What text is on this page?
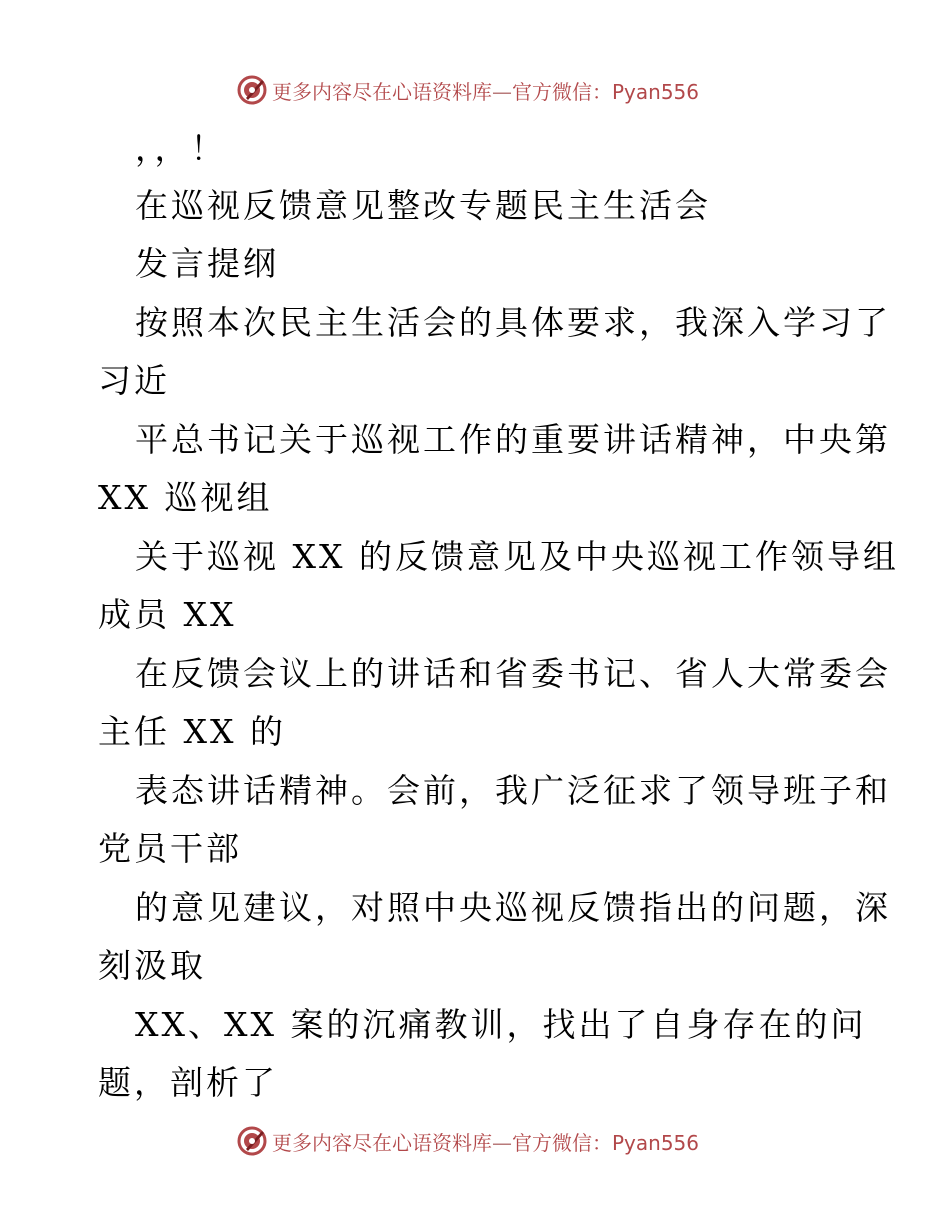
更多内容尽在心语资料库—官方微信：Pyan556
，，！
在巡视反馈意见整改专题民主生活会
发言提纲
按照本次民主生活会的具体要求，我深入学习了
习近
平总书记关于巡视工作的重要讲话精神，中央第
XX 巡视组
关于巡视 XX 的反馈意见及中央巡视工作领导组
成员 XX
在反馈会议上的讲话和省委书记、省人大常委会
主任 XX 的
表态讲话精神。会前，我广泛征求了领导班子和
党员干部
的意见建议，对照中央巡视反馈指出的问题，深
刻汲取
XX、XX 案的沉痛教训，找出了自身存在的问
题，剖析了
更多内容尽在心语资料库—官方微信：Pyan556
